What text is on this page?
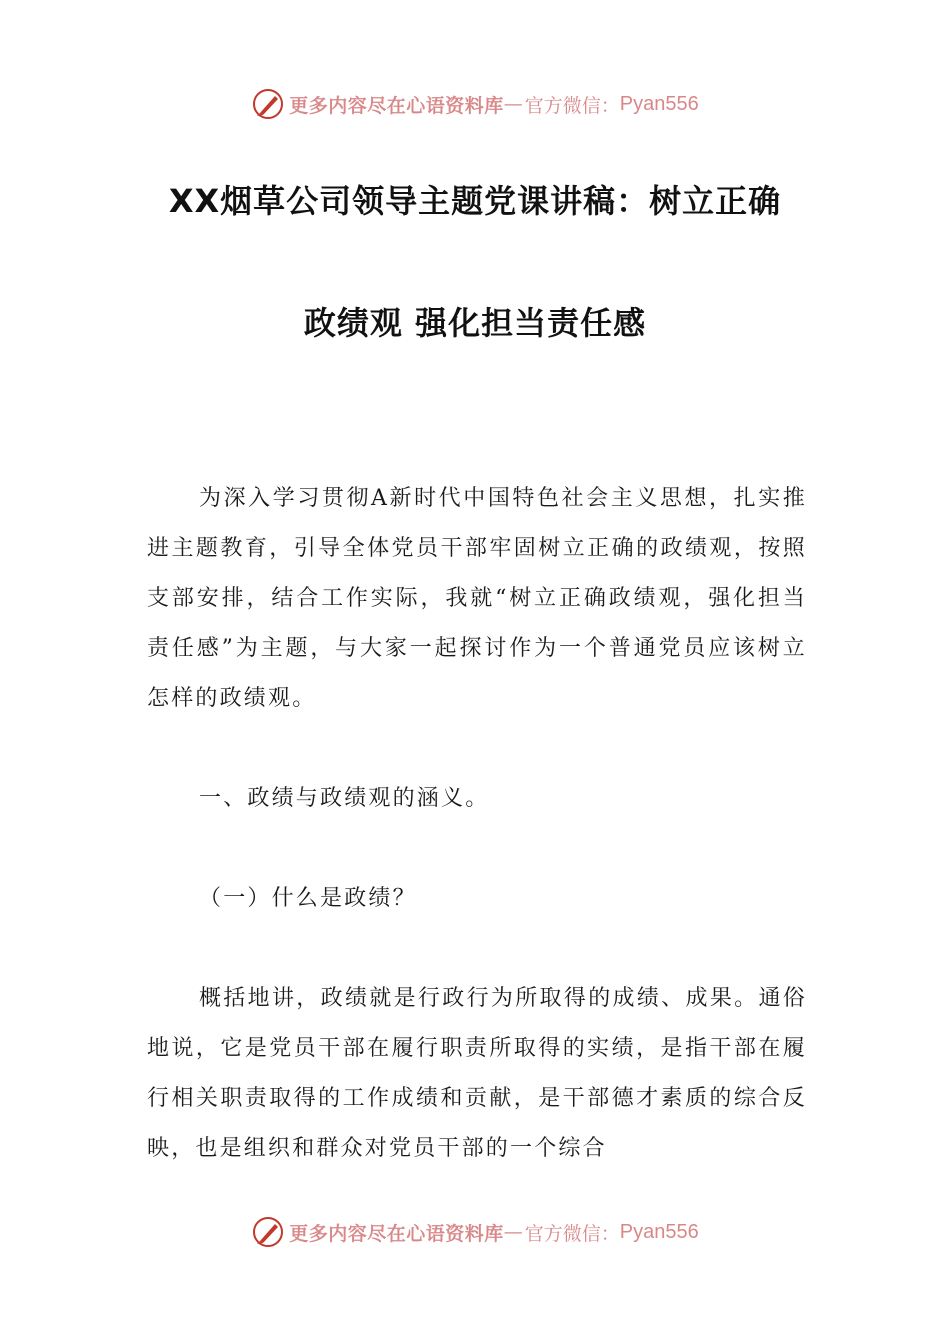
更多内容尽在心语资料库 — 官方微信： Pyan556
XX烟草公司领导主题党课讲稿：树立正确
政绩观 强化担当责任感

为深入学习贯彻A新时代中国特色社会主义思想，扎实推进主题教育，引导全体党员干部牢固树立正确的政绩观，按照支部安排，结合工作实际，我就“树立正确政绩观，强化担当责任感”为主题，与大家一起探讨作为一个普通党员应该树立怎样的政绩观。

一、政绩与政绩观的涵义。

（一）什么是政绩？

概括地讲，政绩就是行政行为所取得的成绩、成果。通俗地说，它是党员干部在履行职责所取得的实绩，是指干部在履行相关职责取得的工作成绩和贡献，是干部德才素质的综合反映，也是组织和群众对党员干部的一个综合

更多内容尽在心语资料库 — 官方微信： Pyan556
